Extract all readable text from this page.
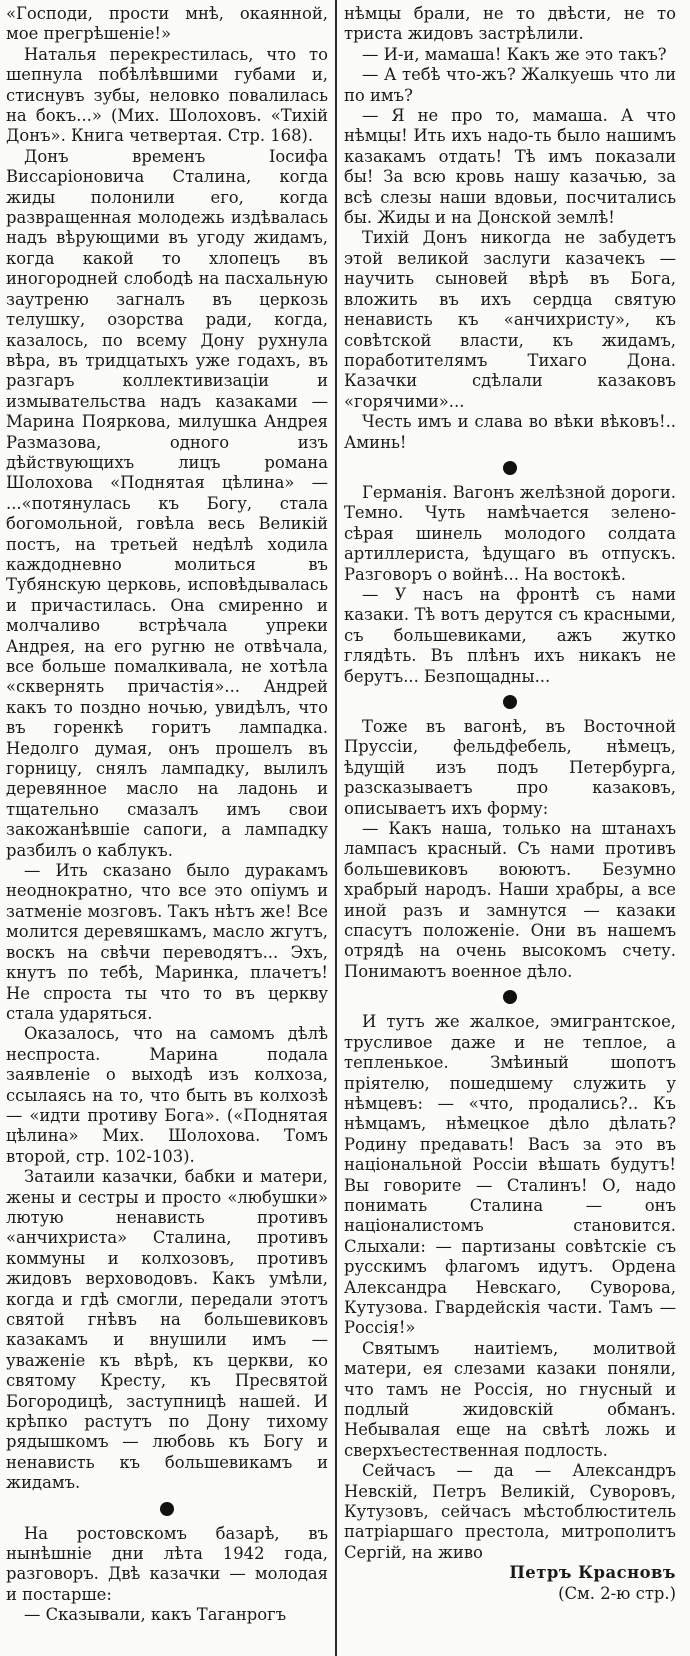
«Господи, прости мнѣ, окаянной, мое прегрѣшеніе!»

Наталья перекрестилась, что то шепнула побѣлѣвшими губами и, стиснувъ зубы, неловко повалилась на бокъ...» (Мих. Шолоховъ. «Тихій Донъ». Книга четвертая. Стр. 168).

Донъ временъ Іосифа Виссаріоновича Сталина, когда жиды полонили его, когда развращенная молодежь издѣвалась надъ вѣрующими въ угоду жидамъ, когда какой то хлопецъ въ иногородней слободѣ на пасхальную заутреню загналъ въ церкозь телушку, озорства ради, когда, казалось, по всему Дону рухнула вѣра, въ тридцатыхъ уже годахъ, въ разгаръ коллективизаціи и измывательства надъ казаками — Марина Пояркова, милушка Андрея Размазова, одного изъ дѣйствующихъ лицъ романа Шолохова «Поднятая цѣлина» — ...«потянулась къ Богу, стала богомольной, говѣла весь Великій постъ, на третьей недѣлѣ ходила каждодневно молиться въ Тубянскую церковь, исповѣдывалась и причастилась. Она смиренно и молчаливо встрѣчала упреки Андрея, на его ругню не отвѣчала, все больше помалкивала, не хотѣла «сквернять причастія»... Андрей какъ то поздно ночью, увидѣлъ, что въ горенкѣ горитъ лампадка. Недолго думая, онъ прошелъ въ горницу, снялъ лампадку, вылилъ деревянное масло на ладонь и тщательно смазалъ имъ свои закожанѣвшіе сапоги, а лампадку разбилъ о каблукъ.

— Ить сказано было дуракамъ неоднократно, что все это опіумъ и затменіе мозговъ. Такъ нѣтъ же! Все молится деревяшкамъ, масло жгутъ, воскъ на свѣчи переводятъ... Эхъ, кнутъ по тебѣ, Маринка, плачетъ! Не спроста ты что то въ церкву стала ударяться.

Оказалось, что на самомъ дѣлѣ неспроста. Марина подала заявленіе о выходѣ изъ колхоза, ссылаясь на то, что быть въ колхозѣ — «идти противу Бога». («Поднятая цѣлина» Мих. Шолохова. Томъ второй, стр. 102-103).

Затаили казачки, бабки и матери, жены и сестры и просто «любушки» лютую ненависть противъ «анчихриста» Сталина, противъ коммуны и колхозовъ, противъ жидовъ верховодовъ. Какъ умѣли, когда и гдѣ смогли, передали этотъ святой гнѣвъ на большевиковъ казакамъ и внушили имъ — уваженіе къ вѣрѣ, къ церкви, ко святому Кресту, къ Пресвятой Богородицѣ, заступницѣ нашей. И крѣпко растутъ по Дону тихому рядышкомъ — любовь къ Богу и ненависть къ большевикамъ и жидамъ.

На ростовскомъ базарѣ, въ нынѣшніе дни лѣта 1942 года, разговоръ. Двѣ казачки — молодая и постарше:

— Сказывали, какъ Таганрогъ

нѣмцы брали, не то двѣсти, не то триста жидовъ застрѣлили.

— И-и, мамаша! Какъ же это такъ?

— А тебѣ что-жъ? Жалкуешь что ли по имъ?

— Я не про то, мамаша. А что нѣмцы! Ить ихъ надо-ть было нашимъ казакамъ отдать! Тѣ имъ показали бы! За всю кровь нашу казачью, за всѣ слезы наши вдовьи, посчитались бы. Жиды и на Донской землѣ!

Тихій Донъ никогда не забудетъ этой великой заслуги казачекъ — научить сыновей вѣрѣ въ Бога, вложить въ ихъ сердца святую ненависть къ «анчихристу», къ совѣтской власти, къ жидамъ, поработителямъ Тихаго Дона. Казачки сдѣлали казаковъ «горячими»...

Честь имъ и слава во вѣки вѣковъ!.. Аминь!

Германія. Вагонъ желѣзной дороги. Темно. Чуть намѣчается зелено-сѣрая шинель молодого солдата артиллериста, ѣдущаго въ отпускъ. Разговоръ о войнѣ... На востокѣ.

— У насъ на фронтѣ съ нами казаки. Тѣ вотъ дерутся съ красными, съ большевиками, ажъ жутко глядѣть. Въ плѣнъ ихъ никакъ не берутъ... Безпощадны...

Тоже въ вагонѣ, въ Восточной Пруссіи, фельдфебель, нѣмецъ, ѣдущій изъ подъ Петербурга, разсказываетъ про казаковъ, описываетъ ихъ форму:

— Какъ наша, только на штанахъ лампасъ красный. Съ нами противъ большевиковъ воюютъ. Безумно храбрый народъ. Наши храбры, а все иной разъ и замнутся — казаки спасутъ положеніе. Они въ нашемъ отрядѣ на очень высокомъ счету. Понимаютъ военное дѣло.

И тутъ же жалкое, эмигрантское, трусливое даже и не теплое, а тепленькое. Змѣиный шопотъ пріятелю, пошедшему служить у нѣмцевъ: — «что, продались?.. Къ нѣмцамъ, нѣмецкое дѣло дѣлать? Родину предавать! Васъ за это въ національной Россіи вѣшать будутъ! Вы говорите — Сталинъ! О, надо понимать Сталина — онъ націоналистомъ становится. Слыхали: — партизаны совѣтскіе съ русскимъ флагомъ идутъ. Ордена Александра Невскаго, Суворова, Кутузова. Гвардейскія части. Тамъ — Россія!»

Святымъ наитіемъ, молитвой матери, ея слезами казаки поняли, что тамъ не Россія, но гнусный и подлый жидовскій обманъ. Небывалая еще на свѣтѣ ложь и сверхъестественная подлость.

Сейчасъ — да — Александръ Невскій, Петръ Великій, Суворовъ, Кутузовъ, сейчасъ мѣстоблюститель патріаршаго престола, митрополитъ Сергій, на живо

Петръ Красновъ

(См. 2-ю стр.)
